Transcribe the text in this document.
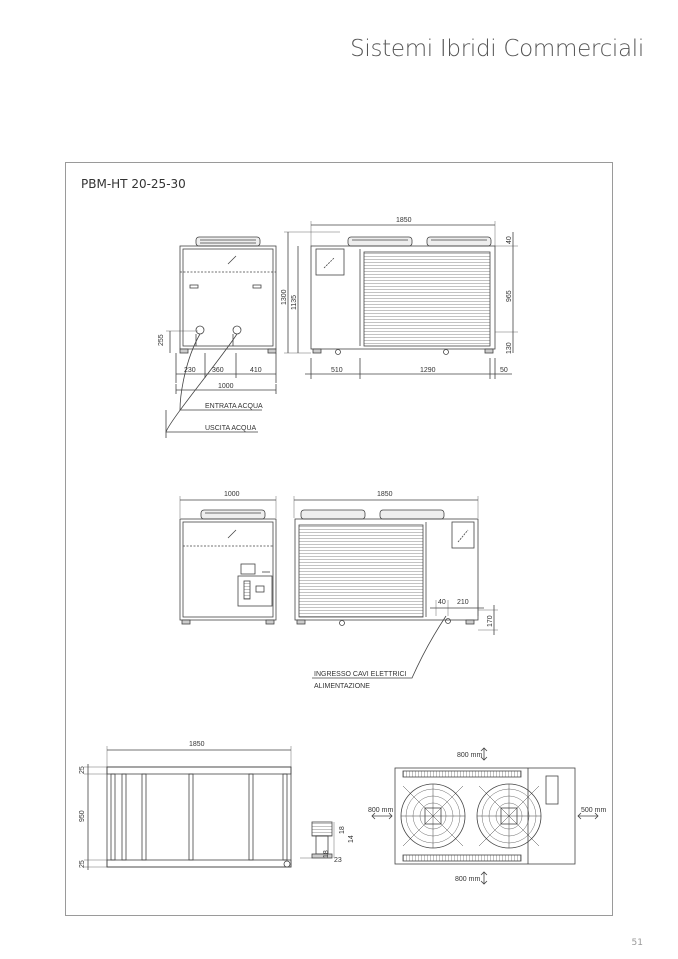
Sistemi Ibridi Commerciali
PBM-HT 20-25-30
51
255
230 360	410
1000
ENTRATA ACQUA
USCITA ACQUA
1850
1300 1135
40
965
130
510	1290	50
1000	1850
40 210
170
INGRESSO CAVI ELETTRICI
ALIMENTAZIONE
1850
25
950
25
18
18
14
23
800 mm
800 mm	500 mm
800 mm
